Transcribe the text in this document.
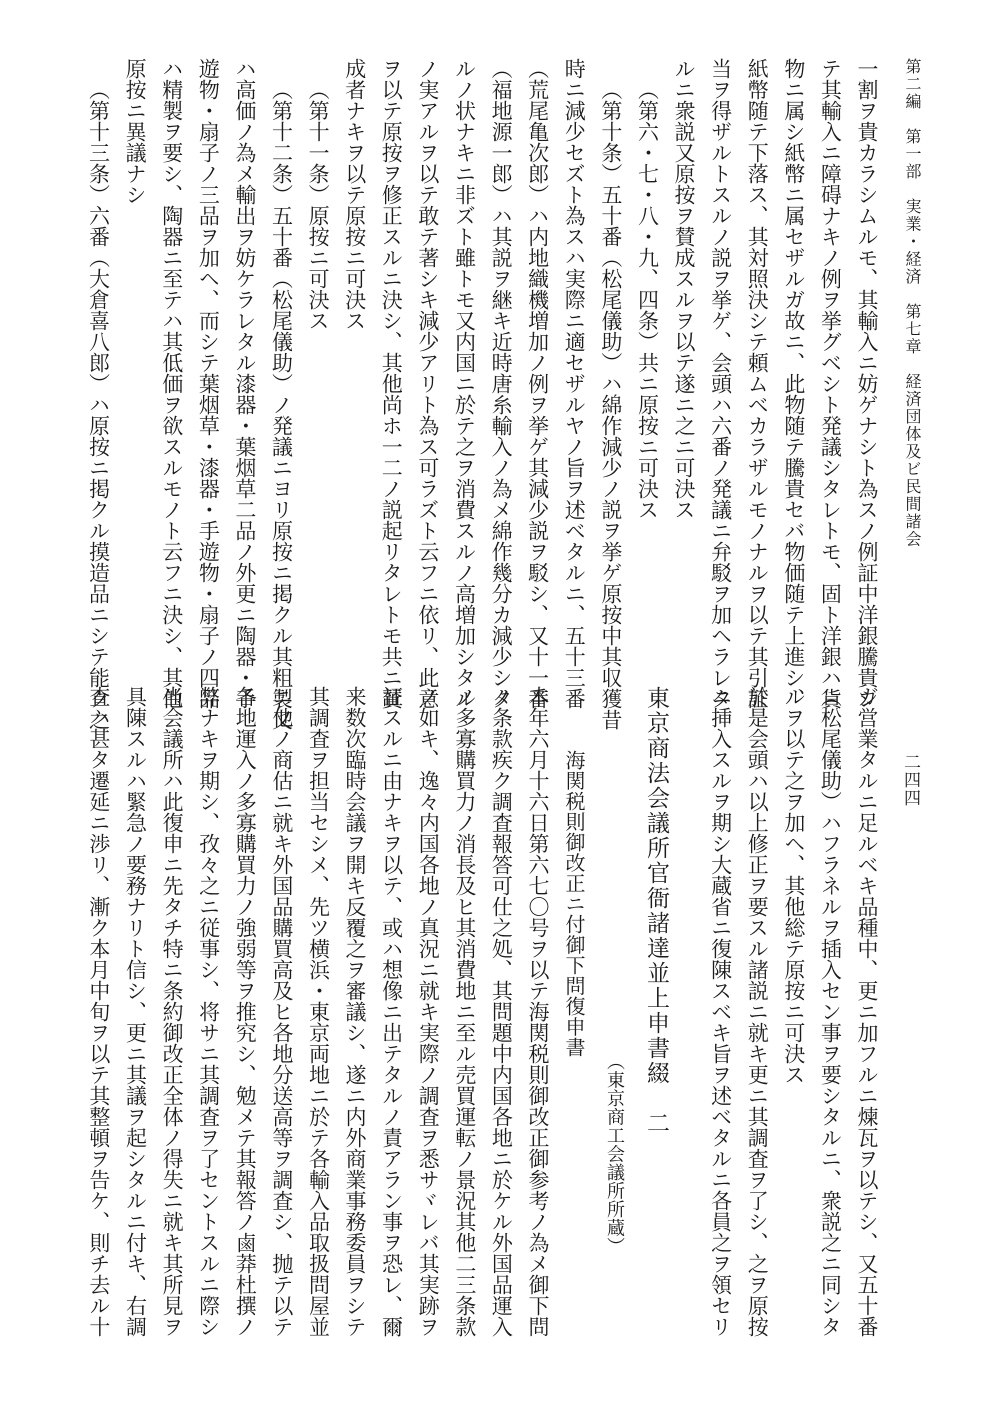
第二編　第一部　実業・経済　第七章　経済団体及ビ民間諸会
二四四
一割ヲ貴カラシムルモ、其輸入ニ妨ゲナシト為スノ例証中洋銀騰貴シ
テ其輸入ニ障碍ナキノ例ヲ挙グベシト発議シタレトモ、固ト洋銀ハ貨
物ニ属シ紙幣ニ属セザルガ故ニ、此物随テ騰貴セバ物価随テ上進シ、
紙幣随テ下落ス、其対照決シテ頼ムベカラザルモノナルヲ以テ其引証
当ヲ得ザルトスルノ説ヲ挙ゲ、会頭ハ六番ノ発議ニ弁駁ヲ加ヘラレタ
ルニ衆説又原按ヲ賛成スルヲ以テ遂ニ之ニ可決ス
（第六・七・八・九、四条）共ニ原按ニ可決ス
（第十条）五十番（松尾儀助）ハ綿作減少ノ説ヲ挙ゲ原按中其収獲昔
時ニ減少セズト為スハ実際ニ適セザルヤノ旨ヲ述ベタルニ、五十三番
（荒尾亀次郎）ハ内地織機増加ノ例ヲ挙ゲ其減少説ヲ駁シ、又十一番
（福地源一郎）ハ其説ヲ継キ近時唐糸輸入ノ為メ綿作幾分カ減少シタ
ルノ状ナキニ非ズト雖トモ又内国ニ於テ之ヲ消費スルノ高増加シタル
ノ実アルヲ以テ敢テ著シキ減少アリト為ス可ラズト云フニ依リ、此意
ヲ以テ原按ヲ修正スルニ決シ、其他尚ホ一二ノ説起リタレトモ共ニ賛
成者ナキヲ以テ原按ニ可決ス
（第十一条）原按ニ可決ス
（第十二条）五十番（松尾儀助）ノ発議ニヨリ原按ニ掲クル其粗製又
ハ高価ノ為メ輸出ヲ妨ケラレタル漆器・葉烟草二品ノ外更ニ陶器・手
遊物・扇子ノ三品ヲ加ヘ、而シテ葉烟草・漆器・手遊物・扇子ノ四品
ハ精製ヲ要シ、陶器ニ至テハ其低価ヲ欲スルモノト云フニ決シ、其他
原按ニ異議ナシ
（第十三条）六番（大倉喜八郎）ハ原按ニ掲クル摸造品ニシテ能ク之
ガ営業タルニ足ルベキ品種中、更ニ加フルニ煉瓦ヲ以テシ、又五十番
（松尾儀助）ハフラネルヲ插入セン事ヲ要シタルニ、衆説之ニ同シタ
ルヲ以テ之ヲ加ヘ、其他総テ原按ニ可決ス
於是会頭ハ以上修正ヲ要スル諸説ニ就キ更ニ其調査ヲ了シ、之ヲ原按
ニ挿入スルヲ期シ大蔵省ニ復陳スベキ旨ヲ述ベタルニ各員之ヲ領セリ
東京商法会議所官衙諸達並上申書綴　二
（東京商工会議所所蔵）
海関税則御改正ニ付御下問復申書
本年六月十六日第六七〇号ヲ以テ海関税則御改正御参考ノ為メ御下問
ノ条款疾ク調査報答可仕之処、其問題中内国各地ニ於ケル外国品運入
ノ多寡購買力ノ消長及ヒ其消費地ニ至ル売買運転ノ景況其他二三条款
ノ如キ、逸々内国各地ノ真況ニ就キ実際ノ調査ヲ悉サヾレバ其実跡ヲ
証スルニ由ナキヲ以テ、或ハ想像ニ出テタルノ責アラン事ヲ恐レ、爾
来数次臨時会議ヲ開キ反覆之ヲ審議シ、遂ニ内外商業事務委員ヲシテ
其調査ヲ担当セシメ、先ツ横浜・東京両地ニ於テ各輸入品取扱問屋並
ニ他ノ商估ニ就キ外国品購買高及ヒ各地分送高等ヲ調査シ、抛テ以テ
各地運入ノ多寡購買力ノ強弱等ヲ推究シ、勉メテ其報答ノ鹵莽杜撰ノ
弊ナキヲ期シ、孜々之ニ従事シ、将サニ其調査ヲ了セントスルニ際シ
当会議所ハ此復申ニ先タチ特ニ条約御改正全体ノ得失ニ就キ其所見ヲ
具陳スルハ緊急ノ要務ナリト信シ、更ニ其議ヲ起シタルニ付キ、右調
査ハ甚タ遷延ニ渉リ、漸ク本月中旬ヲ以テ其整頓ヲ告ケ、則チ去ル十
